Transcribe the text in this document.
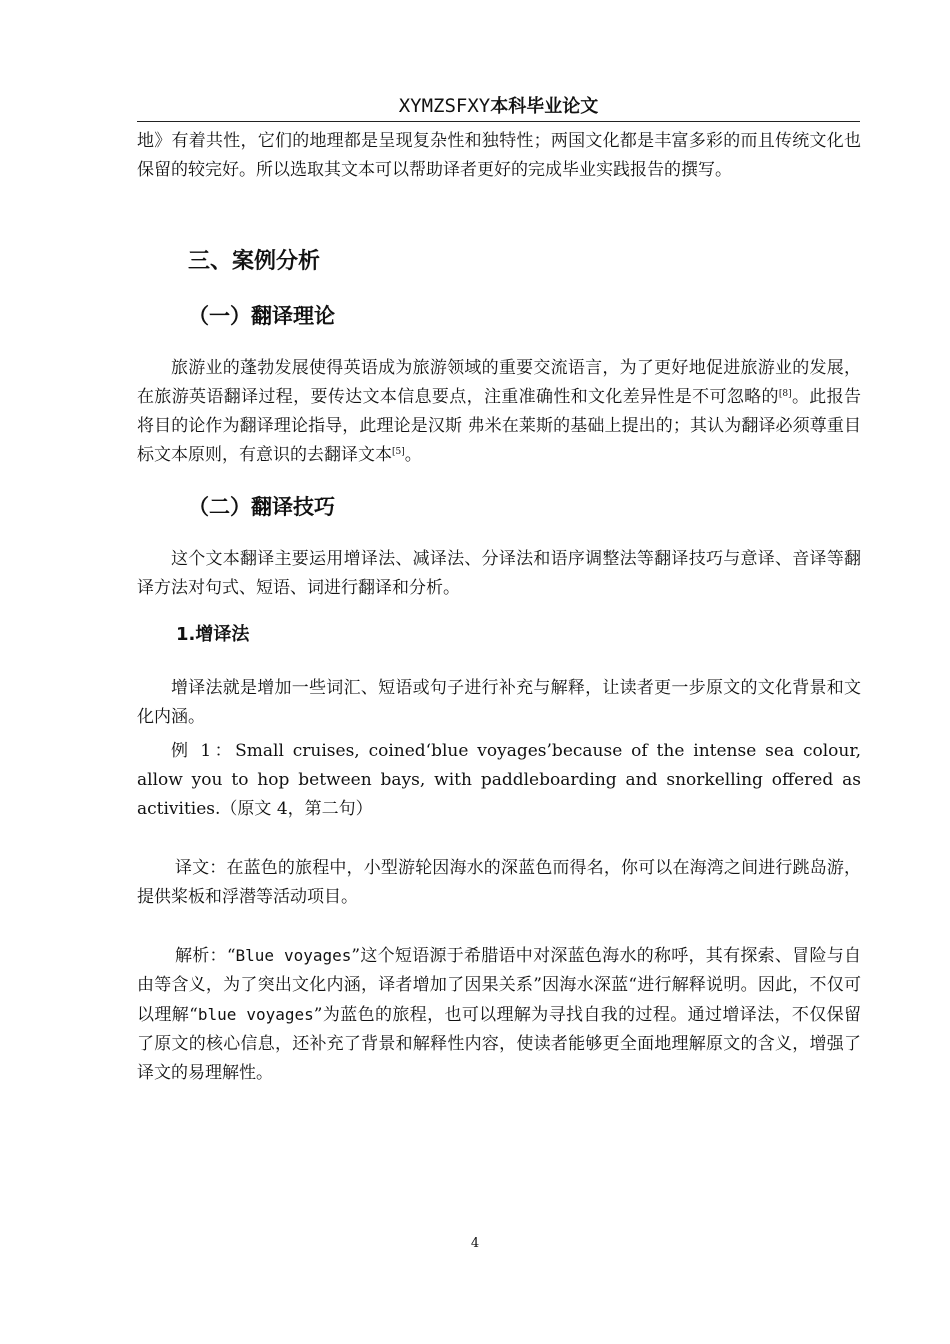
XYMZSFXY本科毕业论文

地》有着共性，它们的地理都是呈现复杂性和独特性；两国文化都是丰富多彩的而且传统文化也保留的较完好。所以选取其文本可以帮助译者更好的完成毕业实践报告的撰写。

三、案例分析
（一）翻译理论

旅游业的蓬勃发展使得英语成为旅游领域的重要交流语言，为了更好地促进旅游业的发展，在旅游英语翻译过程，要传达文本信息要点，注重准确性和文化差异性是不可忽略的[8]。此报告将目的论作为翻译理论指导，此理论是汉斯 弗米在莱斯的基础上提出的；其认为翻译必须尊重目标文本原则，有意识的去翻译文本[5]。

（二）翻译技巧

这个文本翻译主要运用增译法、减译法、分译法和语序调整法等翻译技巧与意译、音译等翻译方法对句式、短语、词进行翻译和分析。

1.增译法

增译法就是增加一些词汇、短语或句子进行补充与解释，让读者更一步原文的文化背景和文化内涵。

例 1：Small cruises, coined‘blue voyages’because of the intense sea colour, allow you to hop between bays, with paddleboarding and snorkelling offered as activities.（原文 4，第二句）

译文：在蓝色的旅程中，小型游轮因海水的深蓝色而得名，你可以在海湾之间进行跳岛游，提供桨板和浮潜等活动项目。

解析：“Blue voyages”这个短语源于希腊语中对深蓝色海水的称呼，其有探索、冒险与自由等含义，为了突出文化内涵，译者增加了因果关系”因海水深蓝“进行解释说明。因此，不仅可以理解“blue voyages”为蓝色的旅程，也可以理解为寻找自我的过程。通过增译法，不仅保留了原文的核心信息，还补充了背景和解释性内容，使读者能够更全面地理解原文的含义，增强了译文的易理解性。

4
